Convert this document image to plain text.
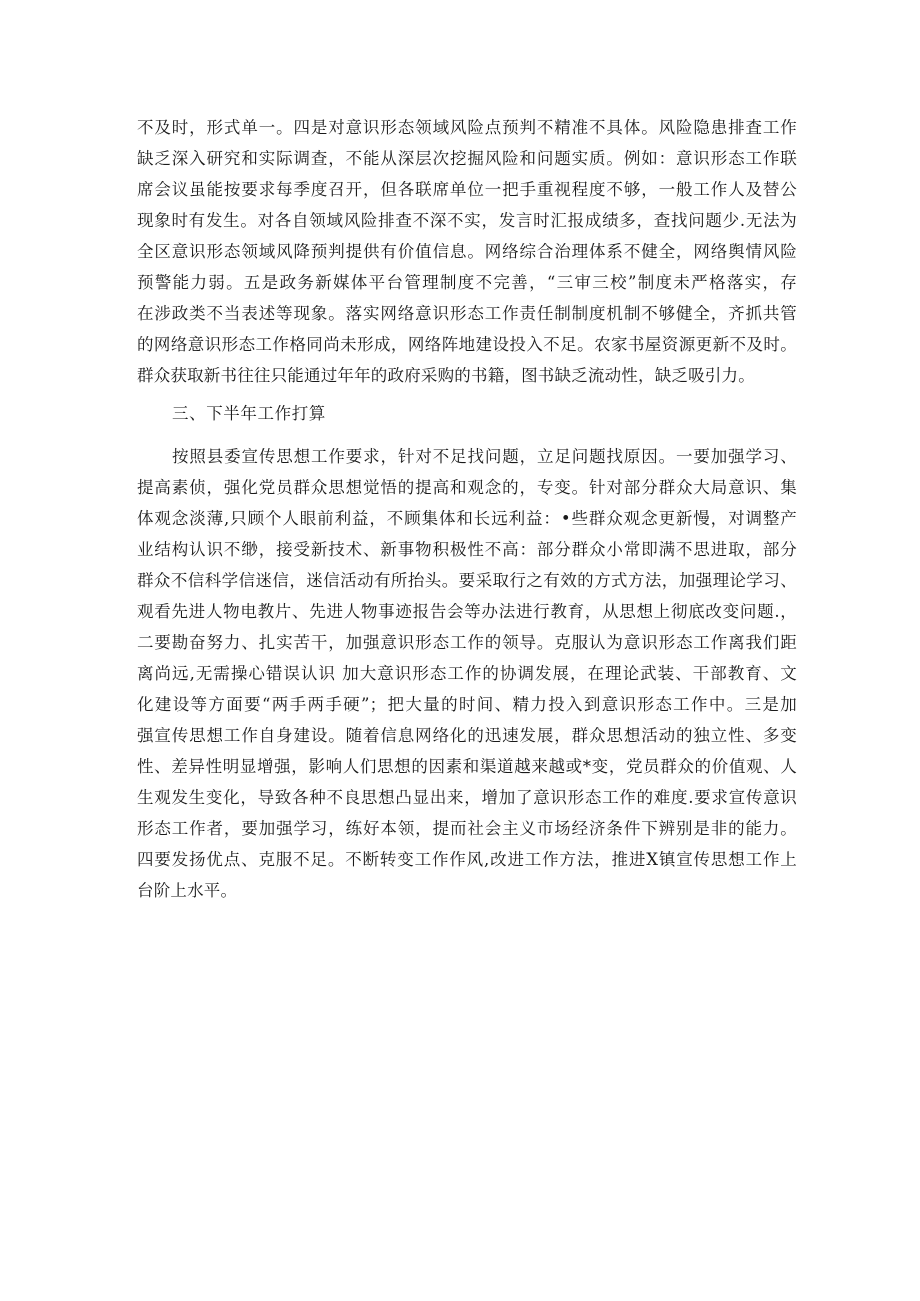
不及时，形式单一。四是对意识形态领域风险点预判不精准不具体。风险隐患排査工作
缺乏深入研究和实际调查，不能从深层次挖掘风险和问题实质。例如：意识形态工作联
席会议虽能按要求每季度召开，但各联席单位一把手重视程度不够，一般工作人及替公
现象时有发生。对各自领域风险排查不深不实，发言时汇报成绩多，查找问题少.无法为
全区意识形态领域风降预判提供有价值信息。网络综合治理体系不健全，网络舆情风险
预警能力弱。五是政务新媒体平台管理制度不完善，“三审三校”制度未严格落实，存
在涉政类不当表述等现象。落实网络意识形态工作责任制制度机制不够健全，齐抓共管
的网络意识形态工作格同尚未形成，网络阵地建设投入不足。农家书屋资源更新不及时。
群众获取新书往往只能通过年年的政府采购的书籍，图书缺乏流动性，缺乏吸引力。
三、下半年工作打算
按照县委宣传思想工作要求，针对不足找问题，立足问题找原因。一要加强学习、
提高素侦，强化党员群众思想觉悟的提高和观念的，专变。针对部分群众大局意识、集
体观念淡薄,只顾个人眼前利益，不顾集体和长远利益：•些群众观念更新慢，对调整产
业结构认识不缈，接受新技术、新事物积极性不高：部分群众小常即满不思进取，部分
群众不信科学信迷信，迷信活动有所抬头。要采取行之有效的方式方法，加强理论学习、
观看先进人物电教片、先进人物事迹报告会等办法进行教育，从思想上彻底改变问题.，
二要勘奋努力、扎实苦干，加强意识形态工作的领导。克服认为意识形态工作离我们距
离尚远,无需操心错误认识 加大意识形态工作的协调发展，在理论武装、干部教育、文
化建设等方面要“两手两手硬”；把大量的时间、精力投入到意识形态工作中。三是加
强宣传思想工作自身建设。随着信息网络化的迅速发展，群众思想活动的独立性、多变
性、差异性明显增强，影响人们思想的因素和渠道越来越或*变，党员群众的价值观、人
生观发生变化，导致各种不良思想凸显出来，增加了意识形态工作的难度.要求宣传意识
形态工作者，要加强学习，练好本领，提而社会主义市场经济条件下辨别是非的能力。
四要发扬优点、克服不足。不断转变工作作风,改进工作方法，推进X镇宣传思想工作上
台阶上水平。
